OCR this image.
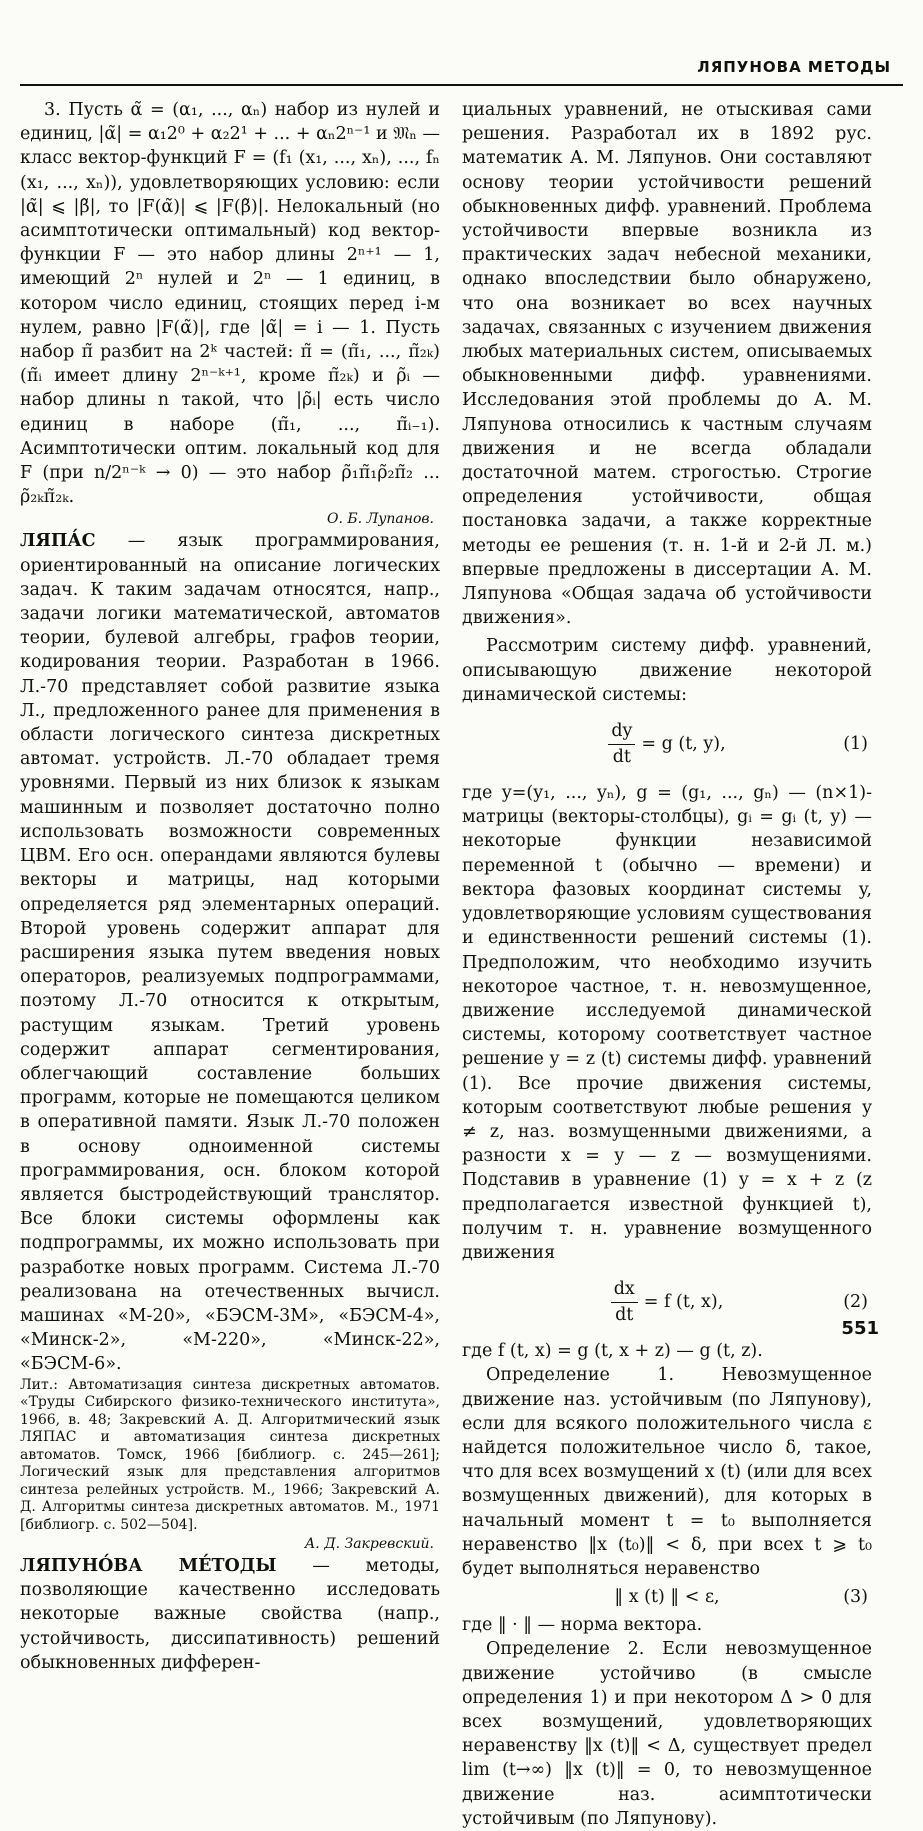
ЛЯПУНОВА МЕТОДЫ

3. Пусть α̃ = (α₁, ..., αₙ) набор из нулей и единиц, |α̃| = α₁2⁰ + α₂2¹ + ... + αₙ2ⁿ⁻¹ и 𝔐ₙ — класс вектор-функций F = (f₁ (x₁, ..., xₙ), ..., fₙ (x₁, ..., xₙ)), удовлетворяющих условию: если |α̃| ⩽ |β̃|, то |F(α̃)| ⩽ |F(β̃)|. Нелокальный (но асимптотически оптимальный) код вектор-функции F — это набор длины 2ⁿ⁺¹ — 1, имеющий 2ⁿ нулей и 2ⁿ — 1 единиц, в котором число единиц, стоящих перед i-м нулем, равно |F(α̃)|, где |α̃| = i — 1. Пусть набор π̃ разбит на 2ᵏ частей: π̃ = (π̃₁, ..., π̃₂ₖ) (π̃ᵢ имеет длину 2ⁿ⁻ᵏ⁺¹, кроме π̃₂ₖ) и ρ̃ᵢ — набор длины n такой, что |ρ̃ᵢ| есть число единиц в наборе (π̃₁, ..., π̃ᵢ₋₁). Асимптотически оптим. локальный код для F (при n/2ⁿ⁻ᵏ → 0) — это набор ρ̃₁π̃₁ρ̃₂π̃₂ ... ρ̃₂ₖπ̃₂ₖ.

О. Б. Лупанов.

ЛЯПА́С — язык программирования, ориентированный на описание логических задач. К таким задачам относятся, напр., задачи логики математической, автоматов теории, булевой алгебры, графов теории, кодирования теории. Разработан в 1966. Л.-70 представляет собой развитие языка Л., предложенного ранее для применения в области логического синтеза дискретных автомат. устройств. Л.-70 обладает тремя уровнями. Первый из них близок к языкам машинным и позволяет достаточно полно использовать возможности современных ЦВМ. Его осн. операндами являются булевы векторы и матрицы, над которыми определяется ряд элементарных операций. Второй уровень содержит аппарат для расширения языка путем введения новых операторов, реализуемых подпрограммами, поэтому Л.-70 относится к открытым, растущим языкам. Третий уровень содержит аппарат сегментирования, облегчающий составление больших программ, которые не помещаются целиком в оперативной памяти. Язык Л.-70 положен в основу одноименной системы программирования, осн. блоком которой является быстродействующий транслятор. Все блоки системы оформлены как подпрограммы, их можно использовать при разработке новых программ. Система Л.-70 реализована на отечественных вычисл. машинах «М-20», «БЭСМ-3М», «БЭСМ-4», «Минск-2», «М-220», «Минск-22», «БЭСМ-6».

Лит.: Автоматизация синтеза дискретных автоматов. «Труды Сибирского физико-технического института», 1966, в. 48; Закревский А. Д. Алгоритмический язык ЛЯПАС и автоматизация синтеза дискретных автоматов. Томск, 1966 [библиогр. с. 245—261]; Логический язык для представления алгоритмов синтеза релейных устройств. М., 1966; Закревский А. Д. Алгоритмы синтеза дискретных автоматов. М., 1971 [библиогр. с. 502—504].

А. Д. Закревский.

ЛЯПУНО́ВА МЕ́ТОДЫ — методы, позволяющие качественно исследовать некоторые важные свойства (напр., устойчивость, диссипативность) решений обыкновенных дифферен-

циальных уравнений, не отыскивая сами решения. Разработал их в 1892 рус. математик А. М. Ляпунов. Они составляют основу теории устойчивости решений обыкновенных дифф. уравнений. Проблема устойчивости впервые возникла из практических задач небесной механики, однако впоследствии было обнаружено, что она возникает во всех научных задачах, связанных с изучением движения любых материальных систем, описываемых обыкновенными дифф. уравнениями. Исследования этой проблемы до А. М. Ляпунова относились к частным случаям движения и не всегда обладали достаточной матем. строгостью. Строгие определения устойчивости, общая постановка задачи, а также корректные методы ее решения (т. н. 1-й и 2-й Л. м.) впервые предложены в диссертации А. М. Ляпунова «Общая задача об устойчивости движения».

Рассмотрим систему дифф. уравнений, описывающую движение некоторой динамической системы:

$\frac{dy}{dt} = g$ (t, y),	(1)

где y=(y₁, ..., yₙ), g = (g₁, ..., gₙ) — (n×1)-матрицы (векторы-столбцы), gᵢ = gᵢ (t, y) — некоторые функции независимой переменной t (обычно — времени) и вектора фазовых координат системы y, удовлетворяющие условиям существования и единственности решений системы (1). Предположим, что необходимо изучить некоторое частное, т. н. невозмущенное, движение исследуемой динамической системы, которому соответствует частное решение y = z (t) системы дифф. уравнений (1). Все прочие движения системы, которым соответствуют любые решения y ≠ z, наз. возмущенными движениями, а разности x = y — z — возмущениями. Подставив в уравнение (1) y = x + z (z предполагается известной функцией t), получим т. н. уравнение возмущенного движения

$\frac{dx}{dt} = f$ (t, x),	(2)

где f (t, x) = g (t, x + z) — g (t, z).

Определение 1. Невозмущенное движение наз. устойчивым (по Ляпунову), если для всякого положительного числа ε найдется положительное число δ, такое, что для всех возмущений x (t) (или для всех возмущенных движений), для которых в начальный момент t = t₀ выполняется неравенство ‖x (t₀)‖ < δ, при всех t ⩾ t₀ будет выполняться неравенство

‖ x (t) ‖ < ε,	(3)

где ‖ · ‖ — норма вектора.

Определение 2. Если невозмущенное движение устойчиво (в смысле определения 1) и при некотором Δ > 0 для всех возмущений, удовлетворяющих неравенству ‖x (t)‖ < Δ, существует предел lim (t→∞) ‖x (t)‖ = 0, то невозмущенное движение наз. асимптотически устойчивым (по Ляпунову).

551
